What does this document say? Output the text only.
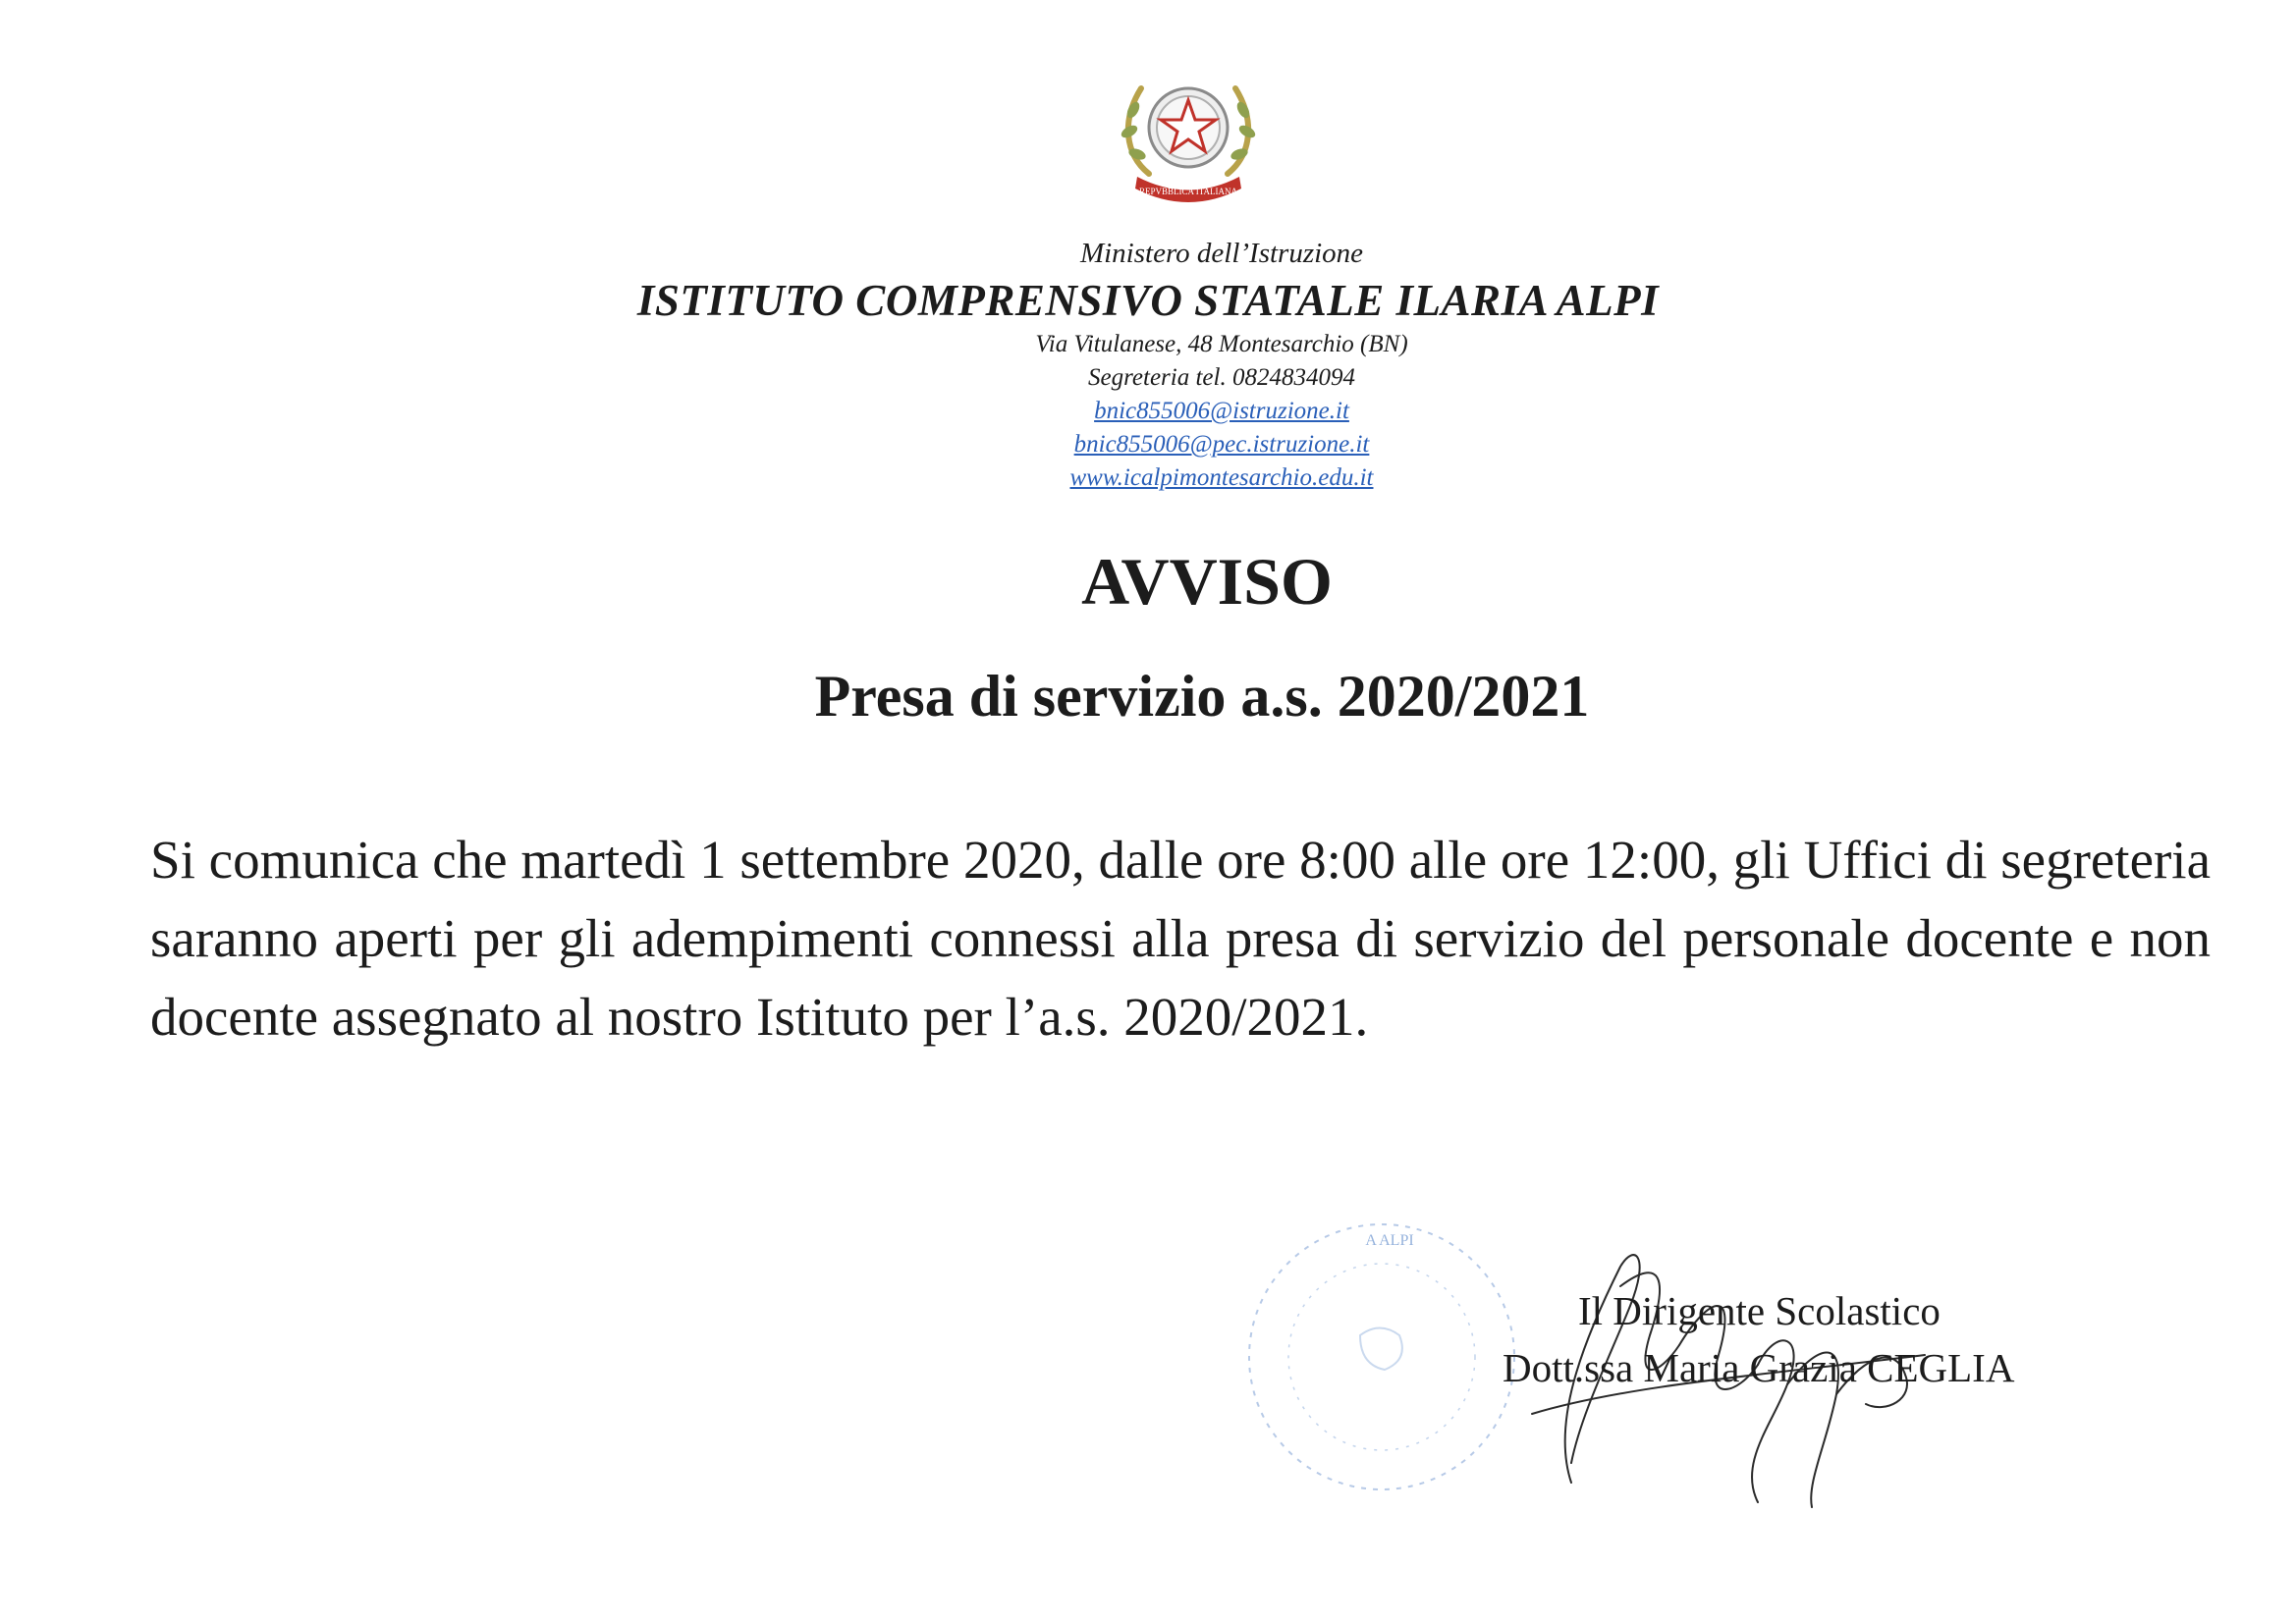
REPVBBLICA ITALIANA
Ministero dell’Istruzione
ISTITUTO COMPRENSIVO STATALE ILARIA ALPI
Via Vitulanese, 48 Montesarchio (BN)
Segreteria tel. 0824834094
bnic855006@istruzione.it
bnic855006@pec.istruzione.it
www.icalpimontesarchio.edu.it
AVVISO
Presa di servizio a.s. 2020/2021
Si comunica che martedì 1 settembre 2020, dalle ore 8:00 alle ore 12:00, gli Uffici di segreteria saranno aperti per gli adempimenti connessi alla presa di servizio del personale docente e non docente assegnato al nostro Istituto per l’a.s. 2020/2021.
A ALPI
Il Dirigente Scolastico
Dott.ssa Maria Grazia CEGLIA
